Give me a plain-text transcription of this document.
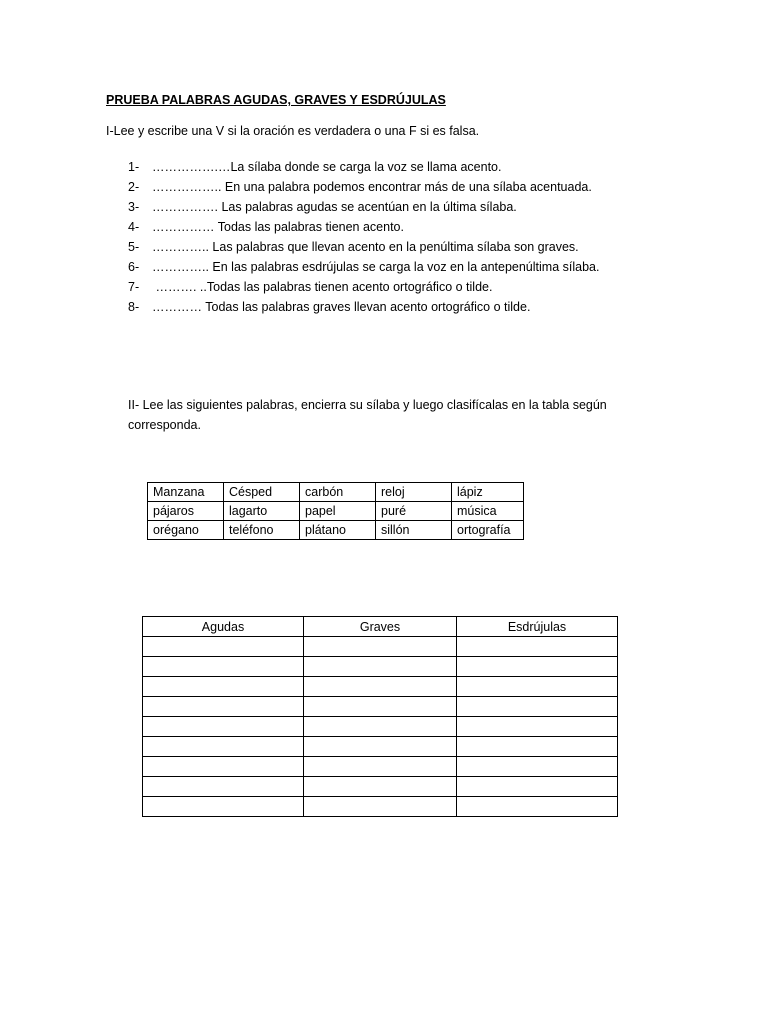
PRUEBA PALABRAS AGUDAS, GRAVES Y ESDRÚJULAS
I-Lee y escribe una V si la oración es verdadera o una F si es falsa.
1- …………….…La sílaba donde se carga la voz se llama acento.
2- …………….. En una palabra podemos encontrar más de una sílaba acentuada.
3- ……………. Las palabras agudas se acentúan en la última sílaba.
4- …………… Todas las palabras tienen acento.
5- ………….. Las palabras que llevan acento en la penúltima sílaba son graves.
6- ………….. En las palabras esdrújulas se carga la voz en la antepenúltima sílaba.
7- ………. ..Todas las palabras tienen acento ortográfico o tilde.
8- ………… Todas las palabras graves llevan acento ortográfico o tilde.
II- Lee las siguientes palabras, encierra su sílaba y luego clasifícalas en la tabla según corresponda.
Manzana	Césped	carbón	reloj	lápiz
pájaros	lagarto	papel	puré	música
orégano	teléfono	plátano	sillón	ortografía
Agudas	Graves	Esdrújulas
